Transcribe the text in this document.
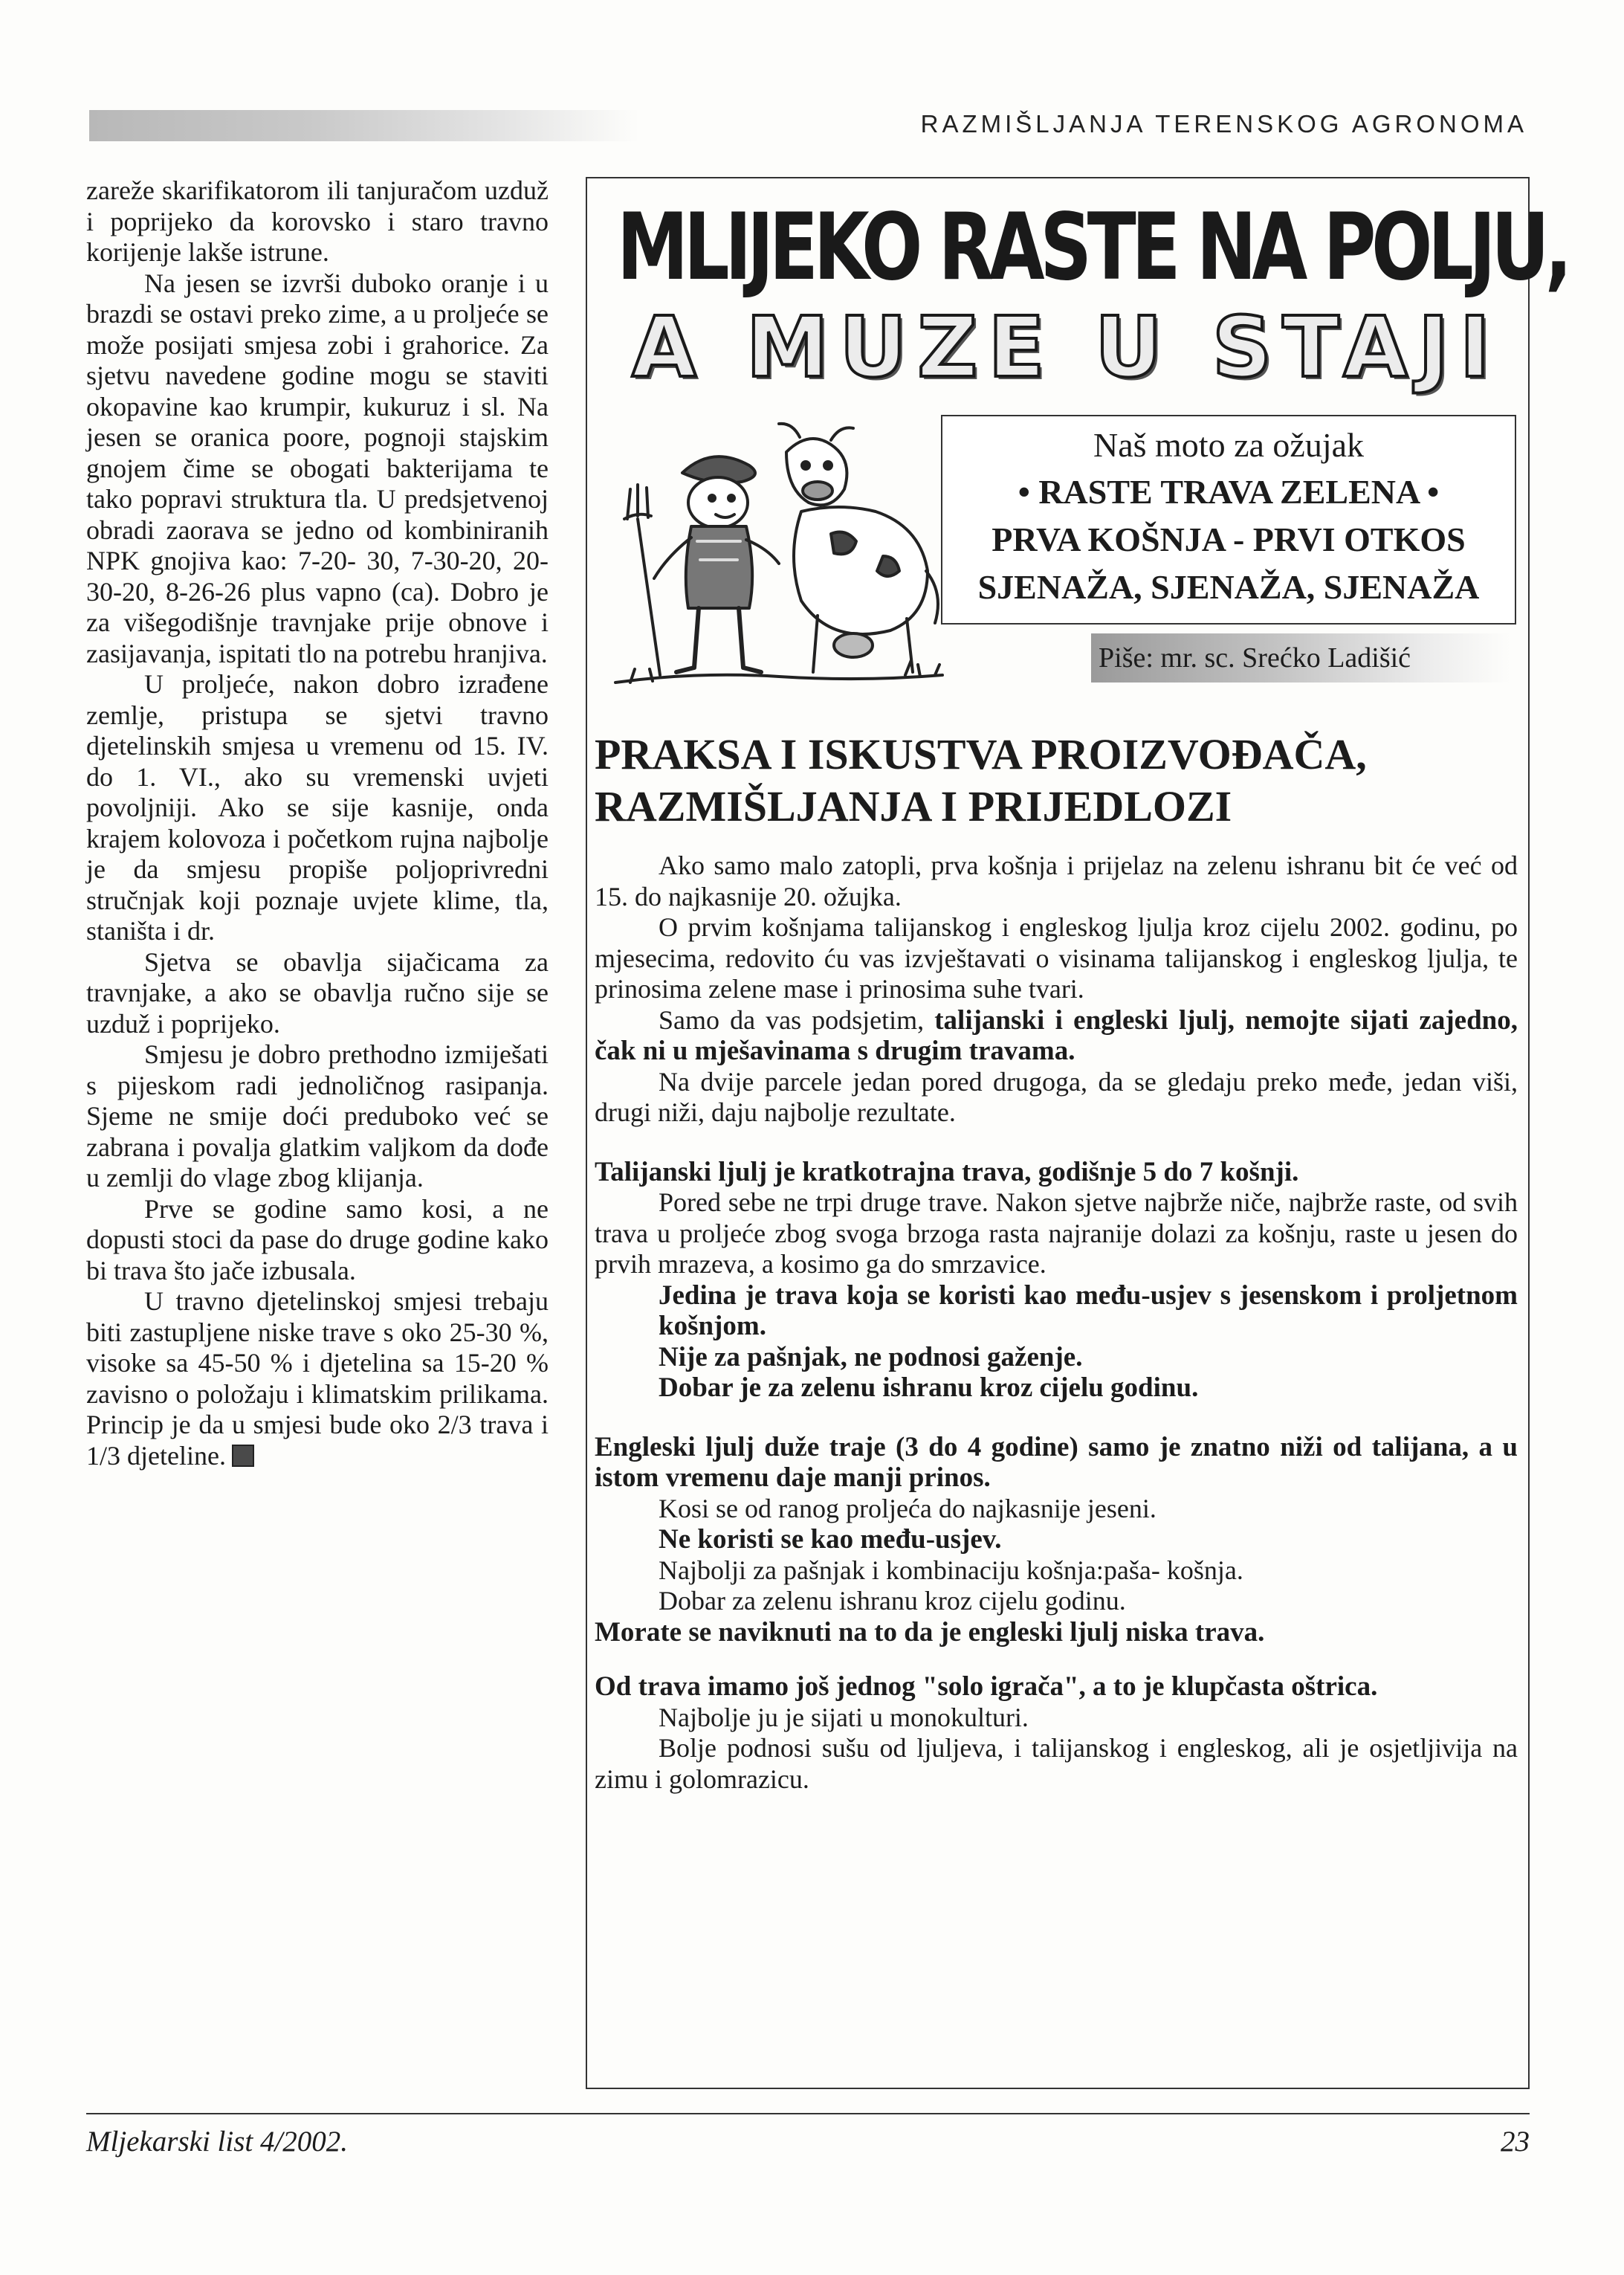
RAZMIŠLJANJA TERENSKOG AGRONOMA

zareže skarifikatorom ili tanjuračom uzduž i poprijeko da korovsko i staro travno korijenje lakše istrune.

Na jesen se izvrši duboko oranje i u brazdi se ostavi preko zime, a u proljeće se može posijati smjesa zobi i grahorice. Za sjetvu navedene godine mogu se staviti okopavine kao krumpir, kukuruz i sl. Na jesen se oranica poore, pognoji stajskim gnojem čime se obogati bakterijama te tako popravi struktura tla. U predsjetvenoj obradi zaorava se jedno od kombiniranih NPK gnojiva kao: 7-20- 30, 7-30-20, 20-30-20, 8-26-26 plus vapno (ca). Dobro je za višegodišnje travnjake prije obnove i zasijavanja, ispitati tlo na potrebu hranjiva.

U proljeće, nakon dobro izrađene zemlje, pristupa se sjetvi travno djetelinskih smjesa u vremenu od 15. IV. do 1. VI., ako su vremenski uvjeti povoljniji. Ako se sije kasnije, onda krajem kolovoza i početkom rujna najbolje je da smjesu propiše poljoprivredni stručnjak koji poznaje uvjete klime, tla, staništa i dr.

Sjetva se obavlja sijačicama za travnjake, a ako se obavlja ručno sije se uzduž i poprijeko.

Smjesu je dobro prethodno izmiješati s pijeskom radi jednoličnog rasipanja. Sjeme ne smije doći preduboko već se zabrana i povalja glatkim valjkom da dođe u zemlji do vlage zbog klijanja.

Prve se godine samo kosi, a ne dopusti stoci da pase do druge godine kako bi trava što jače izbusala.

U travno djetelinskoj smjesi trebaju biti zastupljene niske trave s oko 25-30 %, visoke sa 45-50 % i djetelina sa 15-20 % zavisno o položaju i klimatskim prilikama. Princip je da u smjesi bude oko 2/3 trava i 1/3 djeteline.

MLIJEKO RASTE NA POLJU,
A MUZE U STAJI
Naš moto za ožujak
• RASTE TRAVA ZELENA •
PRVA KOŠNJA - PRVI OTKOS
SJENAŽA, SJENAŽA, SJENAŽA
Piše: mr. sc. Srećko Ladišić
PRAKSA I ISKUSTVA PROIZVOĐAČA,
RAZMIŠLJANJA I PRIJEDLOZI

Ako samo malo zatopli, prva košnja i prijelaz na zelenu ishranu bit će već od 15. do najkasnije 20. ožujka.

O prvim košnjama talijanskog i engleskog ljulja kroz cijelu 2002. godinu, po mjesecima, redovito ću vas izvještavati o visinama talijanskog i engleskog ljulja, te prinosima zelene mase i prinosima suhe tvari.

Samo da vas podsjetim, talijanski i engleski ljulj, nemojte sijati zajedno, čak ni u mješavinama s drugim travama.

Na dvije parcele jedan pored drugoga, da se gledaju preko međe, jedan viši, drugi niži, daju najbolje rezultate.

Talijanski ljulj je kratkotrajna trava, godišnje 5 do 7 košnji.

Pored sebe ne trpi druge trave. Nakon sjetve najbrže niče, najbrže raste, od svih trava u proljeće zbog svoga brzoga rasta najranije dolazi za košnju, raste u jesen do prvih mrazeva, a kosimo ga do smrzavice.

Jedina je trava koja se koristi kao među-usjev s jesenskom i proljetnom košnjom.

Nije za pašnjak, ne podnosi gaženje.

Dobar je za zelenu ishranu kroz cijelu godinu.

Engleski ljulj duže traje (3 do 4 godine) samo je znatno niži od talijana, a u istom vremenu daje manji prinos.

Kosi se od ranog proljeća do najkasnije jeseni.

Ne koristi se kao među-usjev.

Najbolji za pašnjak i kombinaciju košnja:paša- košnja.

Dobar za zelenu ishranu kroz cijelu godinu.

Morate se naviknuti na to da je engleski ljulj niska trava.

Od trava imamo još jednog "solo igrača", a to je klupčasta oštrica.

Najbolje ju je sijati u monokulturi.

Bolje podnosi sušu od ljuljeva, i talijanskog i engleskog, ali je osjetljivija na zimu i golomrazicu.

Mljekarski list 4/2002.	23
